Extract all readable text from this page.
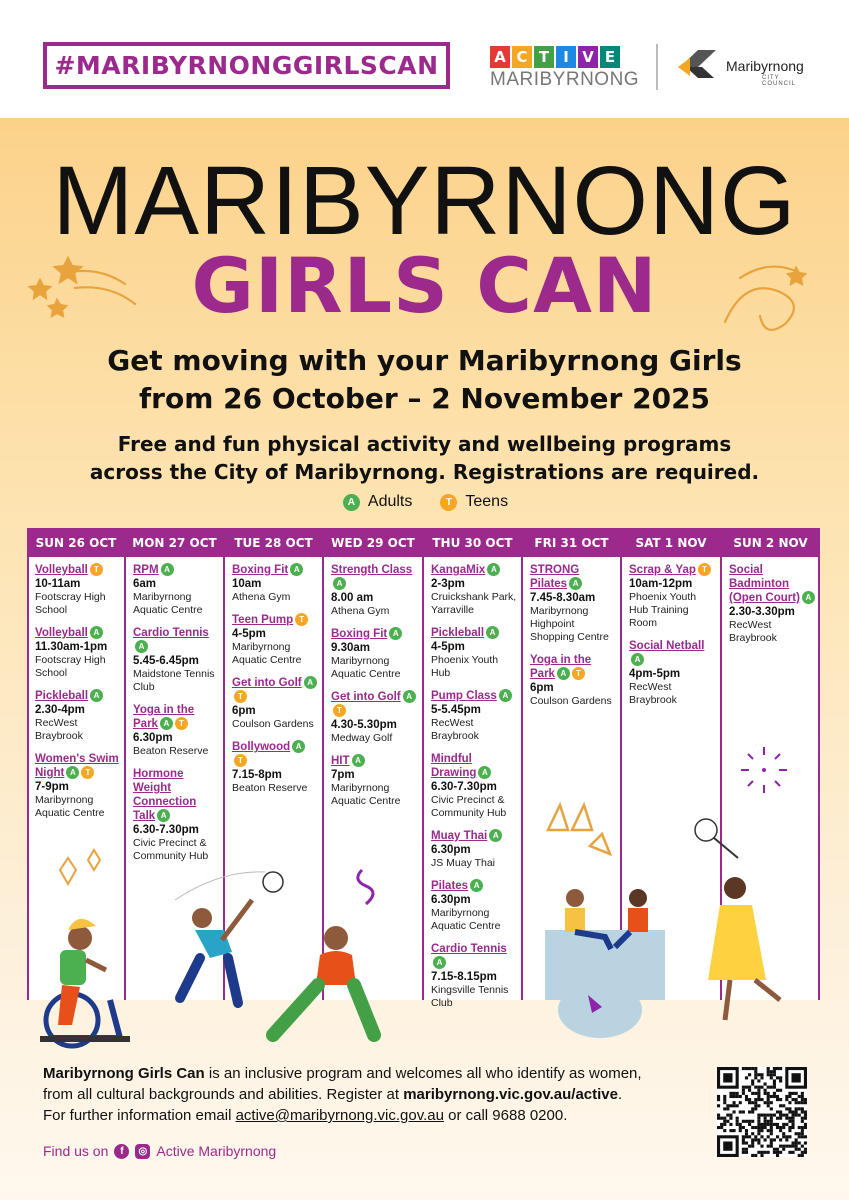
#MARIBYRNONGGIRLSCAN	A C T I V E
MARIBYRNONG
Maribyrnong
CITY COUNCIL
MARIBYRNONG
GIRLS CAN
Get moving with your Maribyrnong Girls
from 26 October – 2 November 2025
Free and fun physical activity and wellbeing programs
across the City of Maribyrnong. Registrations are required.
A Adults	T Teens
SUN 26 OCT
Volleyball T
10-11am
Footscray High School
Volleyball A
11.30am-1pm
Footscray High School
Pickleball A
2.30-4pm
RecWest Braybrook
Women's Swim Night A T
7-9pm
Maribyrnong Aquatic Centre
MON 27 OCT
RPM A
6am
Maribyrnong Aquatic Centre
Cardio TennisA
5.45-6.45pm
Maidstone Tennis Club
Yoga in the Park A T
6.30pm
Beaton Reserve
Hormone Weight Connection Talk A
6.30-7.30pm
Civic Precinct & Community Hub
TUE 28 OCT
Boxing Fit A
10am
Athena Gym
Teen Pump T
4-5pm
Maribyrnong Aquatic Centre
Get into Golf AT
6pm
Coulson Gardens
Bollywood AT
7.15-8pm
Beaton Reserve
WED 29 OCT
Strength ClassA
8.00 am
Athena Gym
Boxing Fit A
9.30am
Maribyrnong Aquatic Centre
Get into Golf AT
4.30-5.30pm
Medway Golf
HIT A
7pm
Maribyrnong Aquatic Centre
THU 30 OCT
KangaMix A
2-3pm
Cruickshank Park, Yarraville
Pickleball A
4-5pm
Phoenix Youth Hub
Pump Class A
5-5.45pm
RecWest Braybrook
Mindful Drawing A
6.30-7.30pm
Civic Precinct & Community Hub
Muay Thai A
6.30pm
JS Muay Thai
Pilates A
6.30pm
Maribyrnong Aquatic Centre
Cardio TennisA
7.15-8.15pm
Kingsville Tennis Club
FRI 31 OCT
STRONG Pilates A
7.45-8.30am
Maribyrnong Highpoint Shopping Centre
Yoga in the Park A T
6pm
Coulson Gardens
SAT 1 NOV
Scrap & Yap T
10am-12pm
Phoenix Youth Hub Training Room
Social NetballA
4pm-5pm
RecWest Braybrook
SUN 2 NOV
Social Badminton (Open Court) A
2.30-3.30pm
RecWest Braybrook
Maribyrnong Girls Can is an inclusive program and welcomes all who identify as women,
from all cultural backgrounds and abilities. Register at maribyrnong.vic.gov.au/active.
For further information email active@maribyrnong.vic.gov.au or call 9688 0200.
Find us on	f	◎ Active Maribyrnong
